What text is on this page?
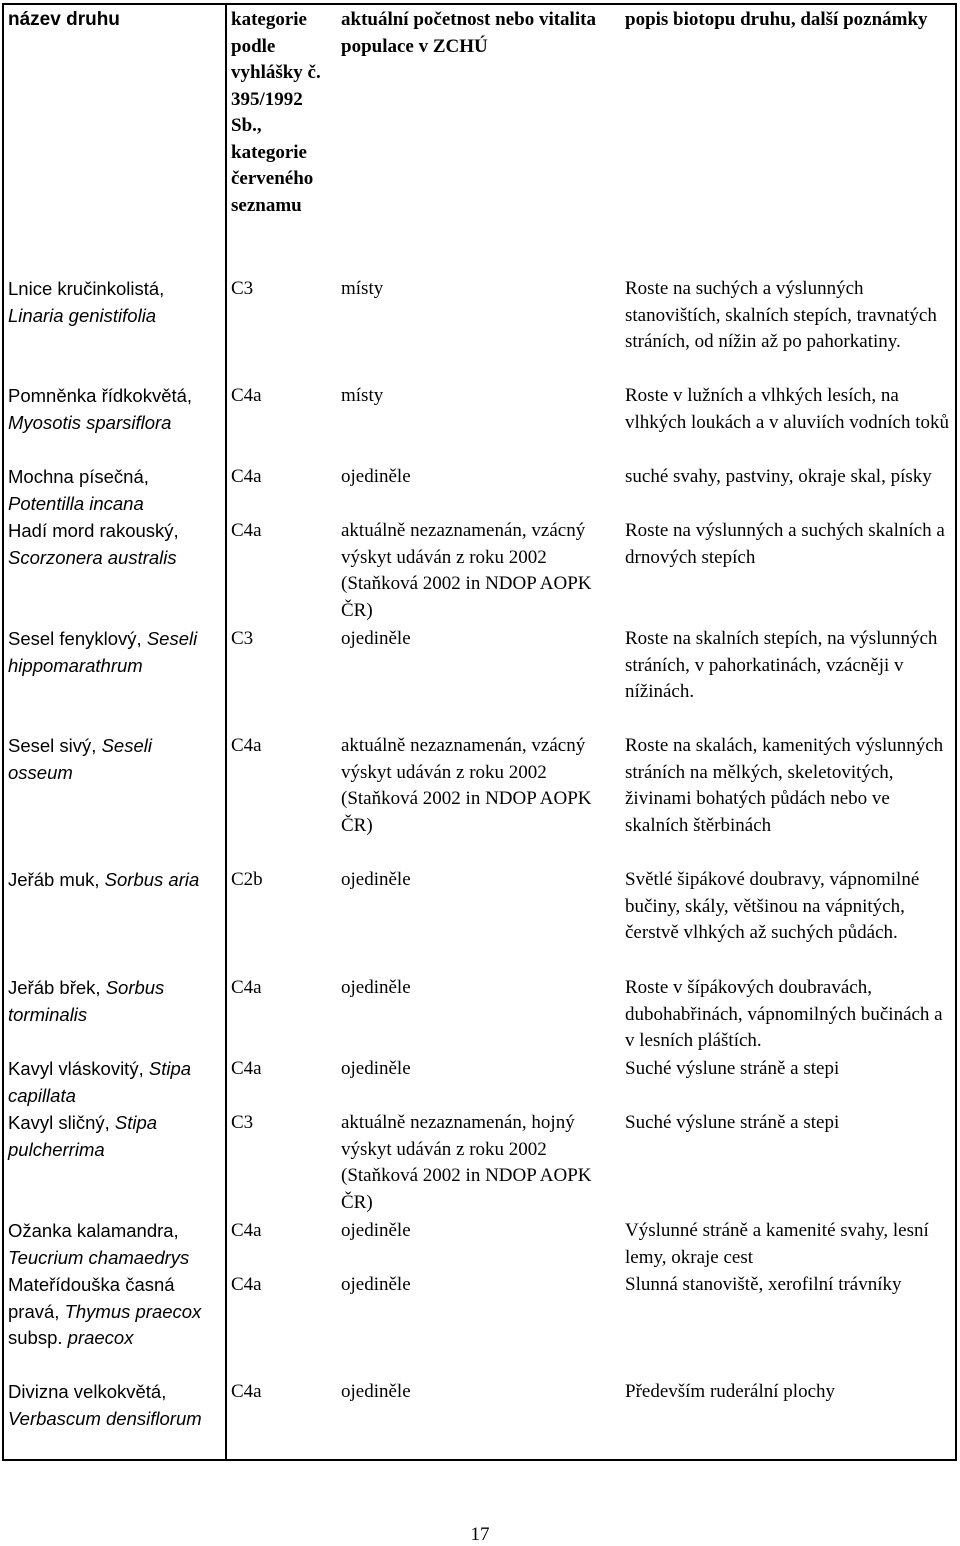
název druhu	kategorie podle vyhlášky č. 395/1992 Sb., kategorie červeného seznamu	aktuální početnost nebo vitalita populace v ZCHÚ	popis biotopu druhu, další poznámky
Lnice kručinkolistá, Linaria genistifolia	C3	místy	Roste na suchých a výslunných stanovištích, skalních stepích, travnatých stráních, od nížin až po pahorkatiny.
Pomněnka řídkokvětá, Myosotis sparsiflora	C4a	místy	Roste v lužních a vlhkých lesích, na vlhkých loukách a v aluviích vodních toků
Mochna písečná, Potentilla incana	C4a	ojediněle	suché svahy, pastviny, okraje skal, písky
Hadí mord rakouský, Scorzonera australis	C4a	aktuálně nezaznamenán, vzácný výskyt udáván z roku 2002 (Staňková 2002 in NDOP AOPK ČR)	Roste na výslunných a suchých skalních a drnových stepích
Sesel fenyklový, Seseli hippomarathrum	C3	ojediněle	Roste na skalních stepích, na výslunných stráních, v pahorkatinách, vzácněji v nížinách.
Sesel sivý, Seseli osseum	C4a	aktuálně nezaznamenán, vzácný výskyt udáván z roku 2002 (Staňková 2002 in NDOP AOPK ČR)	Roste na skalách, kamenitých výslunných stráních na mělkých, skeletovitých, živinami bohatých půdách nebo ve skalních štěrbinách
Jeřáb muk, Sorbus aria	C2b	ojediněle	Světlé šipákové doubravy, vápnomilné bučiny, skály, většinou na vápnitých, čerstvě vlhkých až suchých půdách.
Jeřáb břek, Sorbus torminalis	C4a	ojediněle	Roste v šípákových doubravách, dubohabřinách, vápnomilných bučinách a v lesních pláštích.
Kavyl vláskovitý, Stipa capillata	C4a	ojediněle	Suché výslune stráně a stepi
Kavyl sličný, Stipa pulcherrima	C3	aktuálně nezaznamenán, hojný výskyt udáván z roku 2002 (Staňková 2002 in NDOP AOPK ČR)	Suché výslune stráně a stepi
Ožanka kalamandra, Teucrium chamaedrys	C4a	ojediněle	Výslunné stráně a kamenité svahy, lesní lemy, okraje cest
Mateřídouška časná pravá, Thymus praecox subsp. praecox	C4a	ojediněle	Slunná stanoviště, xerofilní trávníky
Divizna velkokvětá, Verbascum densiflorum	C4a	ojediněle	Především ruderální plochy
17
